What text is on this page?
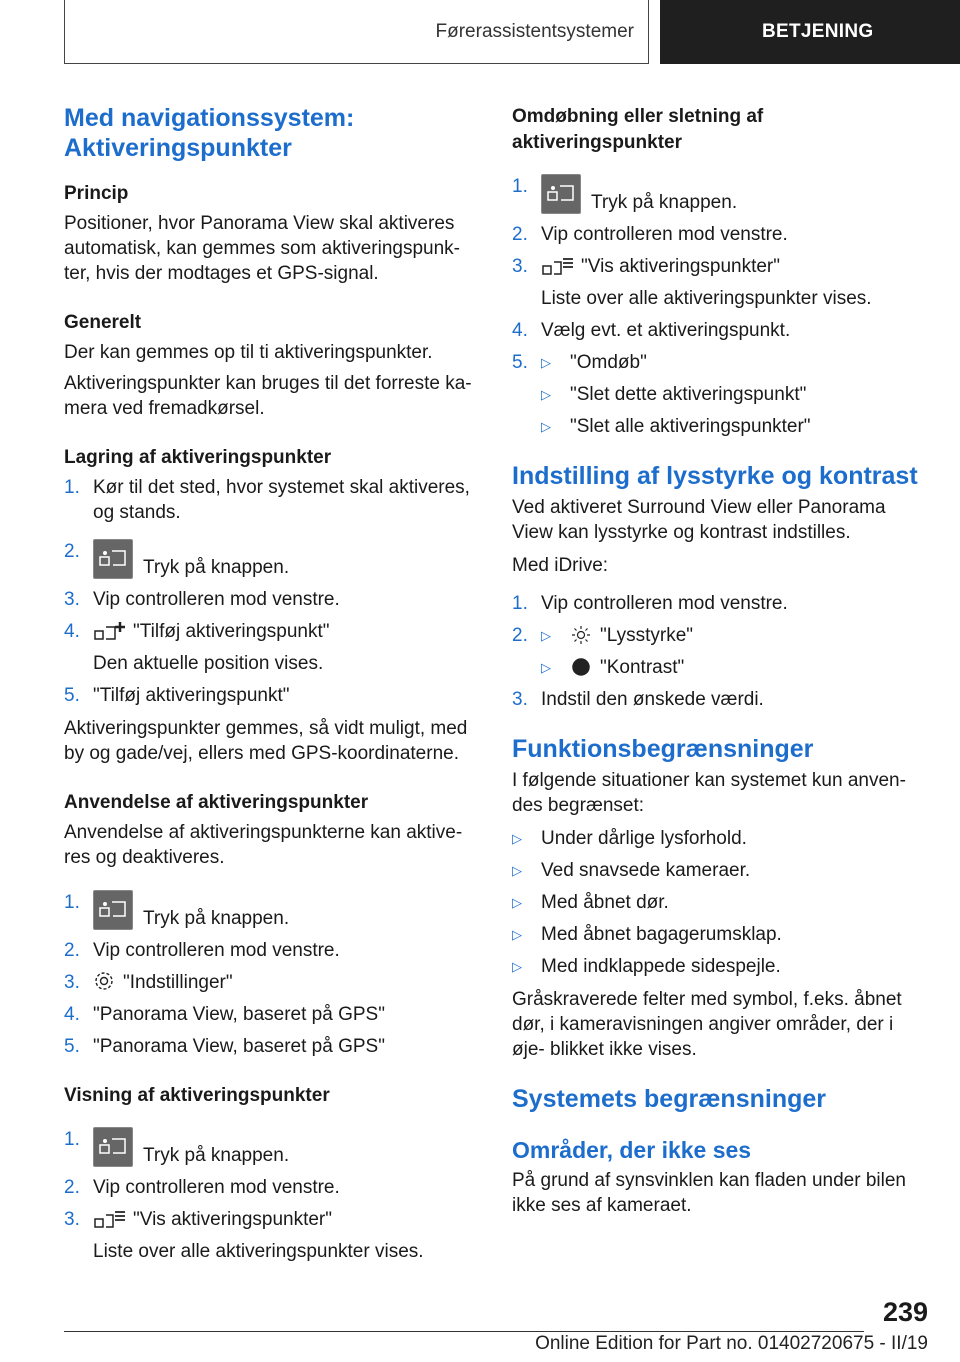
Førerassistentsystemer	BETJENING
Med navigationssystem: Aktiveringspunkter
Princip

Positioner, hvor Panorama View skal aktiveres automatisk, kan gemmes som aktiveringspunk- ter, hvis der modtages et GPS-signal.

Generelt

Der kan gemmes op til ti aktiveringspunkter.

Aktiveringspunkter kan bruges til det forreste ka- mera ved fremadkørsel.

Lagring af aktiveringspunkter
1. Kør til det sted, hvor systemet skal aktiveres, og stands.
2.
Tryk på knappen.
3. Vip controlleren mod venstre.
4.	"Tilføj aktiveringspunkt"
Den aktuelle position vises.
5. "Tilføj aktiveringspunkt"

Aktiveringspunkter gemmes, så vidt muligt, med by og gade/vej, ellers med GPS-koordinaterne.

Anvendelse af aktiveringspunkter

Anvendelse af aktiveringspunkterne kan aktive- res og deaktiveres.

1.
Tryk på knappen.
2. Vip controlleren mod venstre.
3. "Indstillinger"
4. "Panorama View, baseret på GPS"
5. "Panorama View, baseret på GPS"
Visning af aktiveringspunkter
1.
Tryk på knappen.
2. Vip controlleren mod venstre.
3.	"Vis aktiveringspunkter"
Liste over alle aktiveringspunkter vises.
Omdøbning eller sletning af aktiveringspunkter
1.
Tryk på knappen.
2. Vip controlleren mod venstre.
3.	"Vis aktiveringspunkter"
Liste over alle aktiveringspunkter vises.
4. Vælg evt. et aktiveringspunkt.
5. ▷ "Omdøb"
▷ "Slet dette aktiveringspunkt"
▷ "Slet alle aktiveringspunkter"
Indstilling af lysstyrke og kontrast

Ved aktiveret Surround View eller Panorama View kan lysstyrke og kontrast indstilles.

Med iDrive:

1. Vip controlleren mod venstre.
2. ▷	"Lysstyrke"
▷	"Kontrast"
3. Indstil den ønskede værdi.
Funktionsbegrænsninger

I følgende situationer kan systemet kun anven- des begrænset:

▷ Under dårlige lysforhold.
▷ Ved snavsede kameraer.
▷ Med åbnet dør.
▷ Med åbnet bagagerumsklap.
▷ Med indklappede sidespejle.

Gråskraverede felter med symbol, f.eks. åbnet dør, i kameravisningen angiver områder, der i øje- blikket ikke vises.

Systemets begrænsninger
Områder, der ikke ses

På grund af synsvinklen kan fladen under bilen ikke ses af kameraet.

239
Online Edition for Part no. 01402720675 - II/19
